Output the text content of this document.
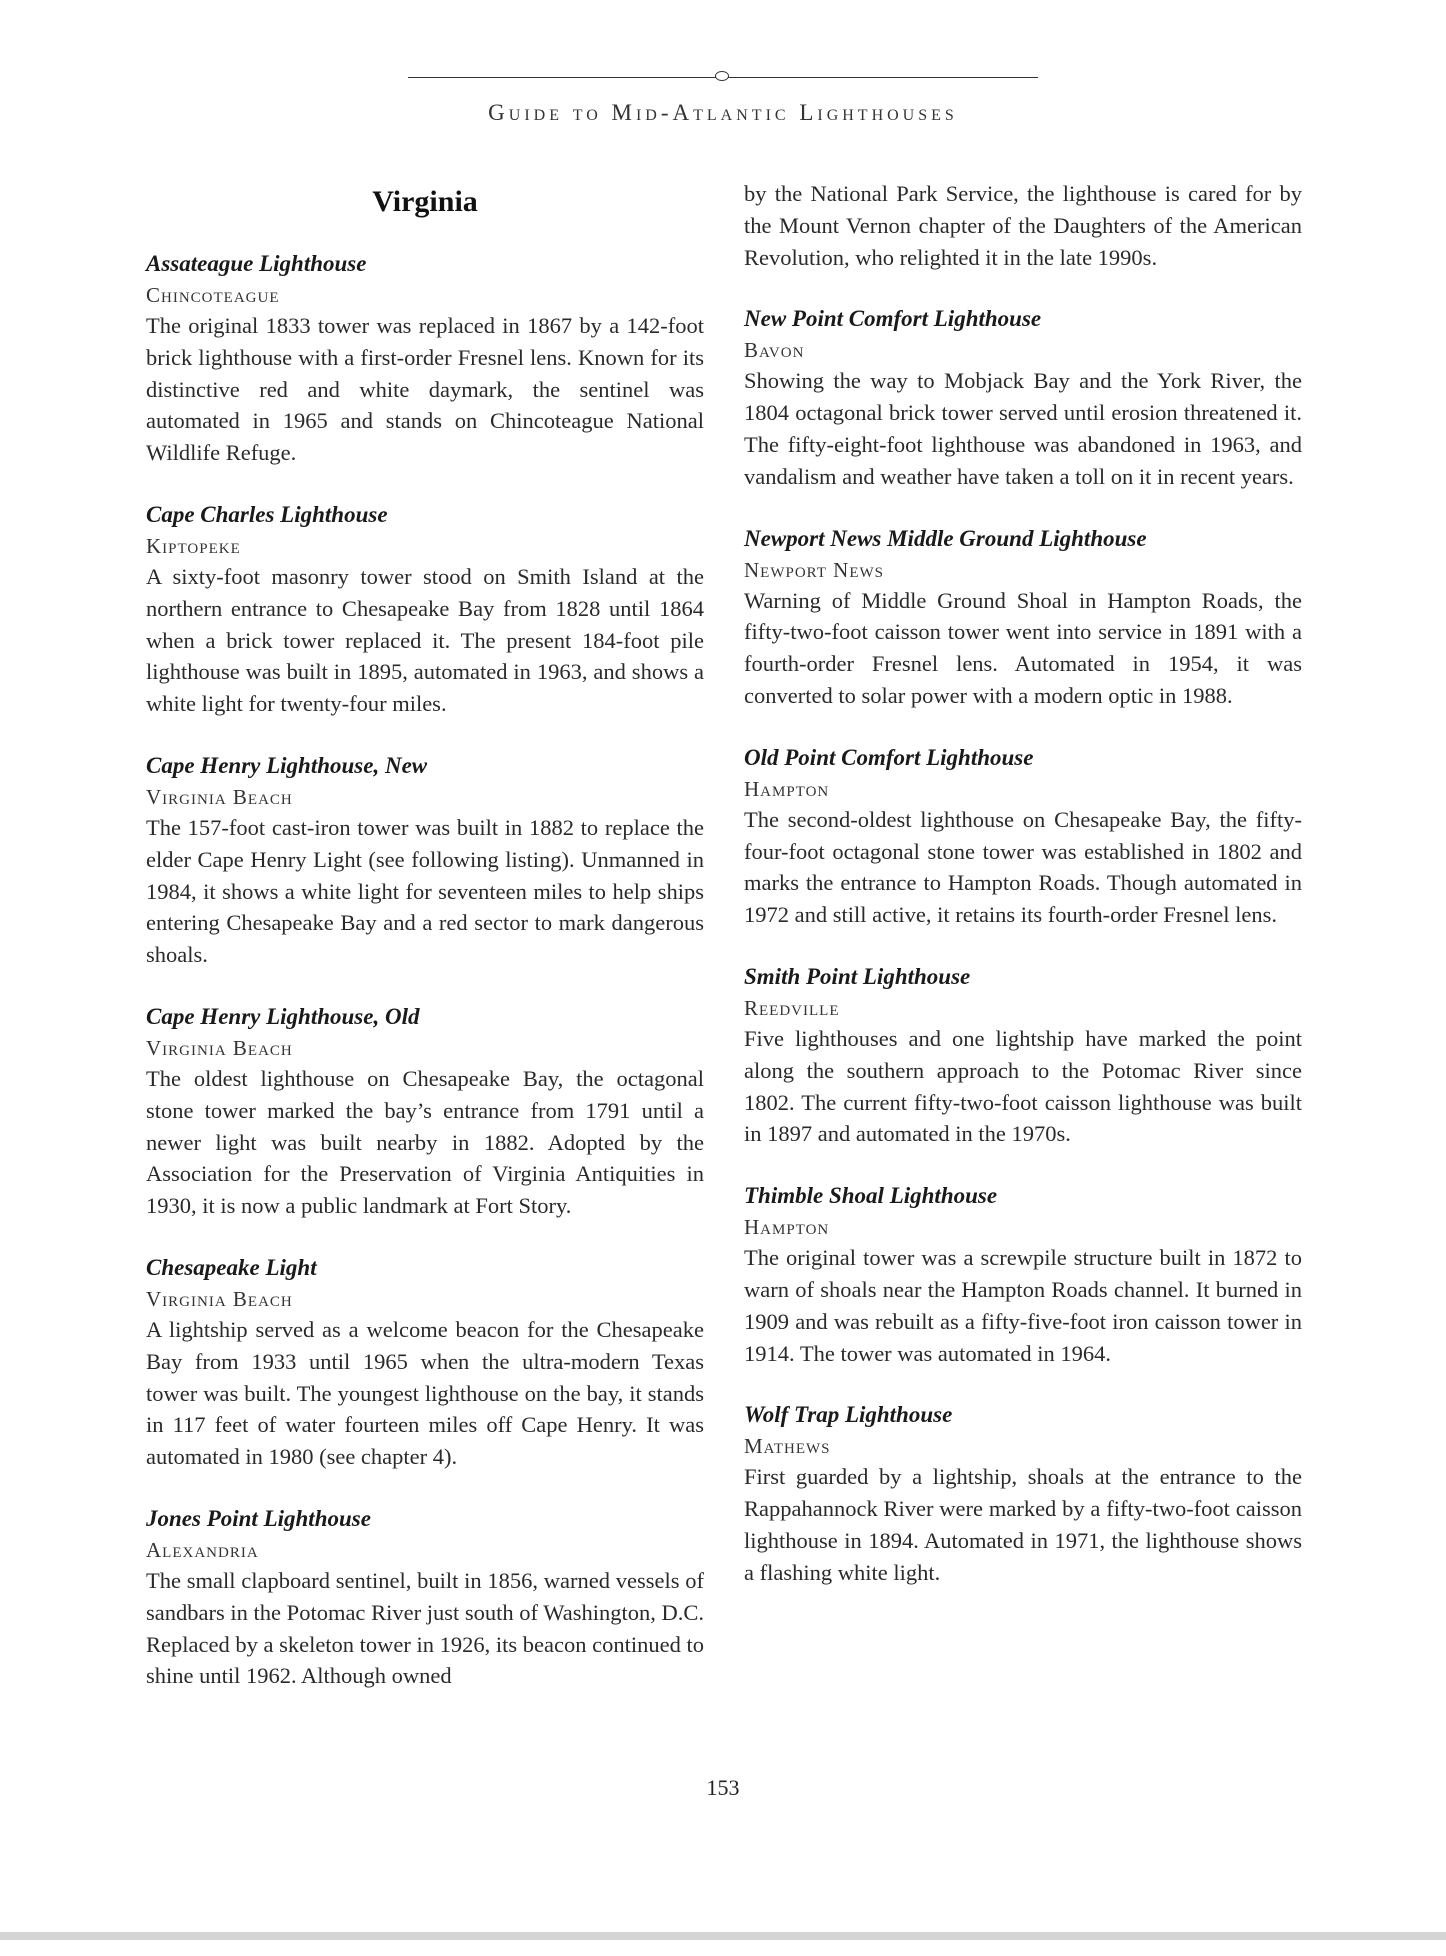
Guide to Mid-Atlantic Lighthouses
Virginia
Assateague Lighthouse
Chincoteague

The original 1833 tower was replaced in 1867 by a 142-foot brick lighthouse with a first-order Fresnel lens. Known for its distinctive red and white daymark, the sentinel was automated in 1965 and stands on Chincoteague National Wildlife Refuge.

Cape Charles Lighthouse
Kiptopeke

A sixty-foot masonry tower stood on Smith Island at the northern entrance to Chesapeake Bay from 1828 until 1864 when a brick tower replaced it. The present 184-foot pile lighthouse was built in 1895, automated in 1963, and shows a white light for twenty-four miles.

Cape Henry Lighthouse, New
Virginia Beach

The 157-foot cast-iron tower was built in 1882 to replace the elder Cape Henry Light (see following listing). Unmanned in 1984, it shows a white light for seventeen miles to help ships entering Chesapeake Bay and a red sector to mark dangerous shoals.

Cape Henry Lighthouse, Old
Virginia Beach

The oldest lighthouse on Chesapeake Bay, the octagonal stone tower marked the bay’s entrance from 1791 until a newer light was built nearby in 1882. Adopted by the Association for the Preservation of Virginia Antiquities in 1930, it is now a public landmark at Fort Story.

Chesapeake Light
Virginia Beach

A lightship served as a welcome beacon for the Chesapeake Bay from 1933 until 1965 when the ultra-modern Texas tower was built. The youngest lighthouse on the bay, it stands in 117 feet of water fourteen miles off Cape Henry. It was automated in 1980 (see chapter 4).

Jones Point Lighthouse
Alexandria

The small clapboard sentinel, built in 1856, warned vessels of sandbars in the Potomac River just south of Washington, D.C. Replaced by a skeleton tower in 1926, its beacon continued to shine until 1962. Although owned

by the National Park Service, the lighthouse is cared for by the Mount Vernon chapter of the Daughters of the American Revolution, who relighted it in the late 1990s.

New Point Comfort Lighthouse
Bavon

Showing the way to Mobjack Bay and the York River, the 1804 octagonal brick tower served until erosion threatened it. The fifty-eight-foot lighthouse was abandoned in 1963, and vandalism and weather have taken a toll on it in recent years.

Newport News Middle Ground Lighthouse
Newport News

Warning of Middle Ground Shoal in Hampton Roads, the fifty-two-foot caisson tower went into service in 1891 with a fourth-order Fresnel lens. Automated in 1954, it was converted to solar power with a modern optic in 1988.

Old Point Comfort Lighthouse
Hampton

The second-oldest lighthouse on Chesapeake Bay, the fifty-four-foot octagonal stone tower was established in 1802 and marks the entrance to Hampton Roads. Though automated in 1972 and still active, it retains its fourth-order Fresnel lens.

Smith Point Lighthouse
Reedville

Five lighthouses and one lightship have marked the point along the southern approach to the Potomac River since 1802. The current fifty-two-foot caisson lighthouse was built in 1897 and automated in the 1970s.

Thimble Shoal Lighthouse
Hampton

The original tower was a screwpile structure built in 1872 to warn of shoals near the Hampton Roads channel. It burned in 1909 and was rebuilt as a fifty-five-foot iron caisson tower in 1914. The tower was automated in 1964.

Wolf Trap Lighthouse
Mathews

First guarded by a lightship, shoals at the entrance to the Rappahannock River were marked by a fifty-two-foot caisson lighthouse in 1894. Automated in 1971, the lighthouse shows a flashing white light.

153
